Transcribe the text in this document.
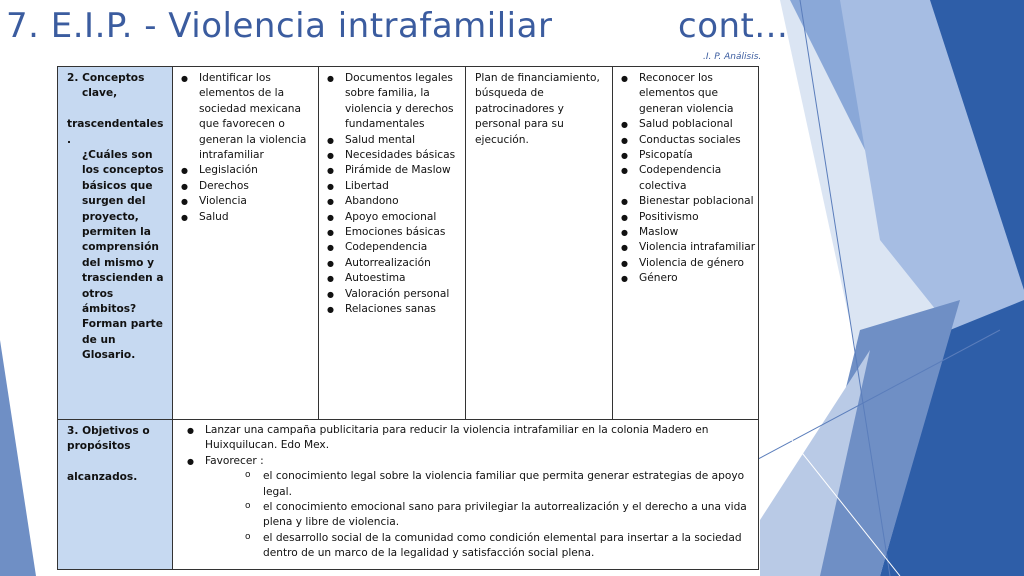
7. E.I.P. - Violencia intrafamiliar	cont...
.I. P. Análisis.

2. Conceptos

clave,

trascendentales .

¿Cuáles son los conceptos básicos que surgen del proyecto, permiten la comprensión del mismo y trascienden a otros ámbitos? Forman parte de un Glosario.

● Identificar los elementos de la sociedad mexicana que favorecen o generan la violencia intrafamiliar
● Legislación
● Derechos
● Violencia
● Salud
● Documentos legales sobre familia, la violencia y derechos fundamentales
● Salud mental
● Necesidades básicas
● Pirámide de Maslow
● Libertad
● Abandono
● Apoyo emocional
● Emociones básicas
● Codependencia
● Autorrealización
● Autoestima
● Valoración personal
● Relaciones sanas

Plan de financiamiento, búsqueda de patrocinadores y personal para su ejecución.

● Reconocer los elementos que generan violencia
● Salud poblacional
● Conductas sociales
● Psicopatía
● Codependencia colectiva
● Bienestar poblacional
● Positivismo
● Maslow
● Violencia intrafamiliar
● Violencia de género
● Género

3. Objetivos o propósitos

alcanzados.

● Lanzar una campaña publicitaria para reducir la violencia intrafamiliar en la colonia Madero en Huixquilucan. Edo Mex.
● Favorecer :
o el conocimiento legal sobre la violencia familiar que permita generar estrategias de apoyo legal.
o el conocimiento emocional sano para privilegiar la autorrealización y el derecho a una vida plena y libre de violencia.
o el desarrollo social de la comunidad como condición elemental para insertar a la sociedad dentro de un marco de la legalidad y satisfacción social plena.
